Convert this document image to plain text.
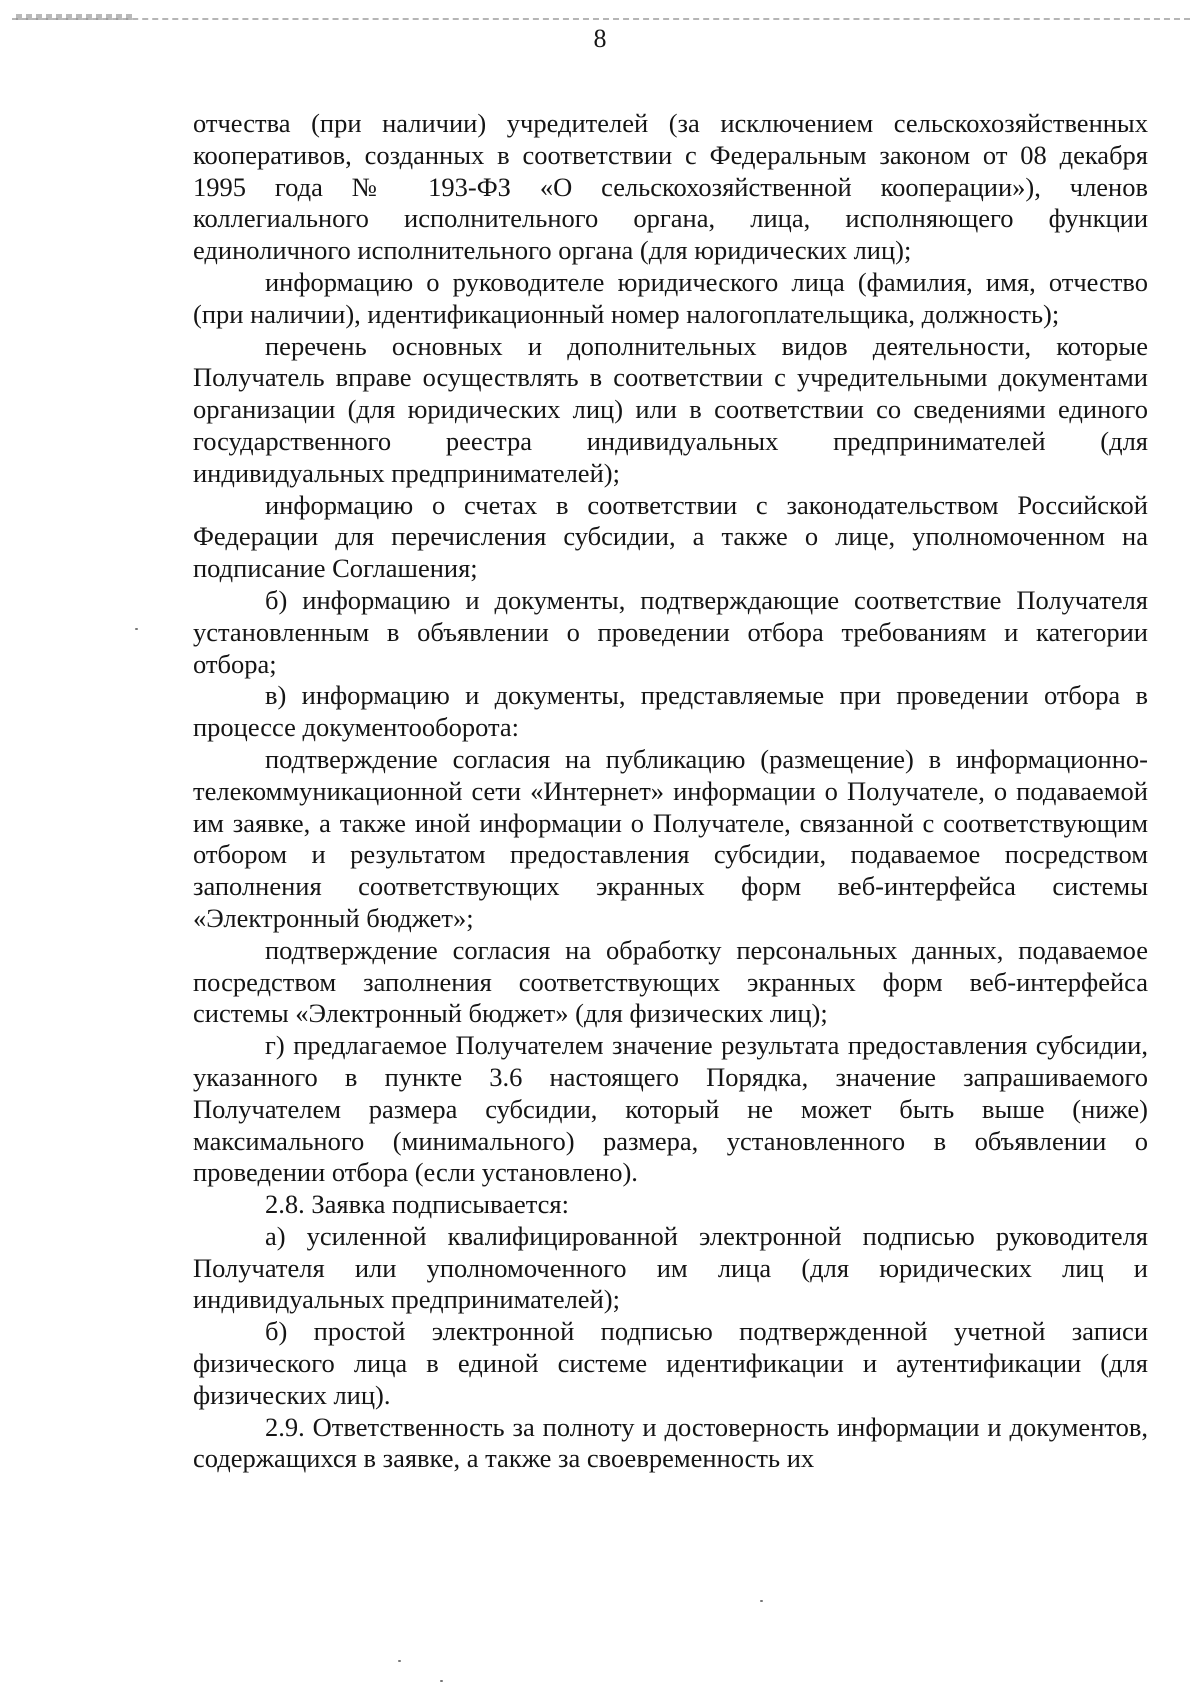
8

отчества (при наличии) учредителей (за исключением сельскохозяйственных кооперативов, созданных в соответствии с Федеральным законом от 08 декабря 1995 года № 193-ФЗ «О сельскохозяйственной кооперации»), членов коллегиального исполнительного органа, лица, исполняющего функции единоличного исполнительного органа (для юридических лиц);

информацию о руководителе юридического лица (фамилия, имя, отчество (при наличии), идентификационный номер налогоплательщика, должность);

перечень основных и дополнительных видов деятельности, которые Получатель вправе осуществлять в соответствии с учредительными документами организации (для юридических лиц) или в соответствии со сведениями единого государственного реестра индивидуальных предпринимателей (для индивидуальных предпринимателей);

информацию о счетах в соответствии с законодательством Российской Федерации для перечисления субсидии, а также о лице, уполномоченном на подписание Соглашения;

б) информацию и документы, подтверждающие соответствие Получателя установленным в объявлении о проведении отбора требованиям и категории отбора;

в) информацию и документы, представляемые при проведении отбора в процессе документооборота:

подтверждение согласия на публикацию (размещение) в информационно-телекоммуникационной сети «Интернет» информации о Получателе, о подаваемой им заявке, а также иной информации о Получателе, связанной с соответствующим отбором и результатом предоставления субсидии, подаваемое посредством заполнения соответствующих экранных форм веб-интерфейса системы «Электронный бюджет»;

подтверждение согласия на обработку персональных данных, подаваемое посредством заполнения соответствующих экранных форм веб-интерфейса системы «Электронный бюджет» (для физических лиц);

г) предлагаемое Получателем значение результата предоставления субсидии, указанного в пункте 3.6 настоящего Порядка, значение запрашиваемого Получателем размера субсидии, который не может быть выше (ниже) максимального (минимального) размера, установленного в объявлении о проведении отбора (если установлено).

2.8. Заявка подписывается:

а) усиленной квалифицированной электронной подписью руководителя Получателя или уполномоченного им лица (для юридических лиц и индивидуальных предпринимателей);

б) простой электронной подписью подтвержденной учетной записи физического лица в единой системе идентификации и аутентификации (для физических лиц).

2.9. Ответственность за полноту и достоверность информации и документов, содержащихся в заявке, а также за своевременность их
